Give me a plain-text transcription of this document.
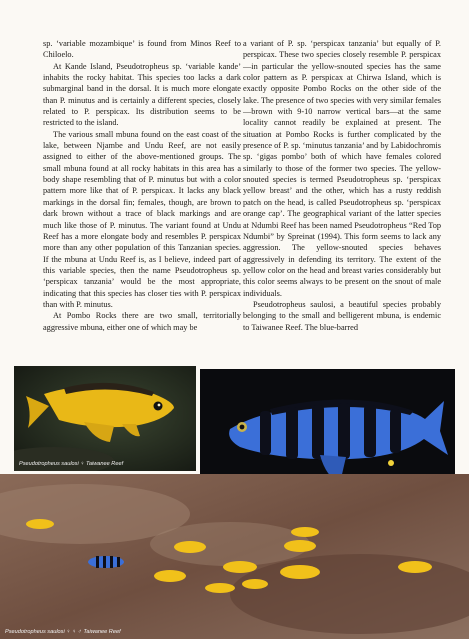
sp. ‘variable mozambique’ is found from Minos Reef to Chiloelo.

At Kande Island, Pseudotropheus sp. ‘variable kande’ inhabits the rocky habitat. This species too lacks a dark submarginal band in the dorsal. It is much more elongate than P. minutus and is certainly a different species, closely related to P. perspicax. Its distribution seems to be restricted to the island.

The various small mbuna found on the east coast of the lake, between Njambe and Undu Reef, are not easily assigned to either of the above-mentioned groups. The small mbuna found at all rocky habitats in this area has a body shape resembling that of P. minutus but with a color pattern more like that of P. perspicax. It lacks any black markings in the dorsal fin; females, though, are brown to dark brown without a trace of black markings and are much like those of P. minutus. The variant found at Undu Reef has a more elongate body and resembles P. perspicax more than any other population of this Tanzanian species. If the mbuna at Undu Reef is, as I believe, indeed part of this variable species, then the name Pseudotropheus sp. ‘perspicax tanzania’ would be the most appropriate, indicating that this species has closer ties with P. perspicax than with P. minutus.

At Pombo Rocks there are two small, territorially aggressive mbuna, either one of which may be

a variant of P. sp. ‘perspicax tanzania’ but equally of P. perspicax. These two species closely resemble P. perspicax—in particular the yellow-snouted species has the same color pattern as P. perspicax at Chirwa Island, which is exactly opposite Pombo Rocks on the other side of the lake. The presence of two species with very similar females—brown with 9-10 narrow vertical bars—at the same locality cannot readily be explained at present. The situation at Pombo Rocks is further complicated by the presence of P. sp. ‘minutus tanzania’ and by Labidochromis sp. ‘gigas pombo’ both of which have females colored similarly to those of the former two species. The yellow-snouted species is termed Pseudotropheus sp. ‘perspicax yellow breast’ and the other, which has a rusty reddish patch on the head, is called Pseudotropheus sp. ‘perspicax orange cap’. The geographical variant of the latter species at Ndumbi Reef has been named Pseudotropheus “Red Top Ndumbi” by Spreinat (1994). This form seems to lack any aggression. The yellow-snouted species behaves aggressively in defending its territory. The extent of the yellow color on the head and breast varies considerably but this color seems always to be present on the snout of male individuals.

Pseudotropheus saulosi, a beautiful species probably belonging to the small and belligerent mbuna, is endemic to Taiwanee Reef. The blue-barred

Pseudotropheus saulosi ♀ Taiwanee Reef
Pseudotropheus saulosi ♀ ♀ ♂ Taiwanee Reef
